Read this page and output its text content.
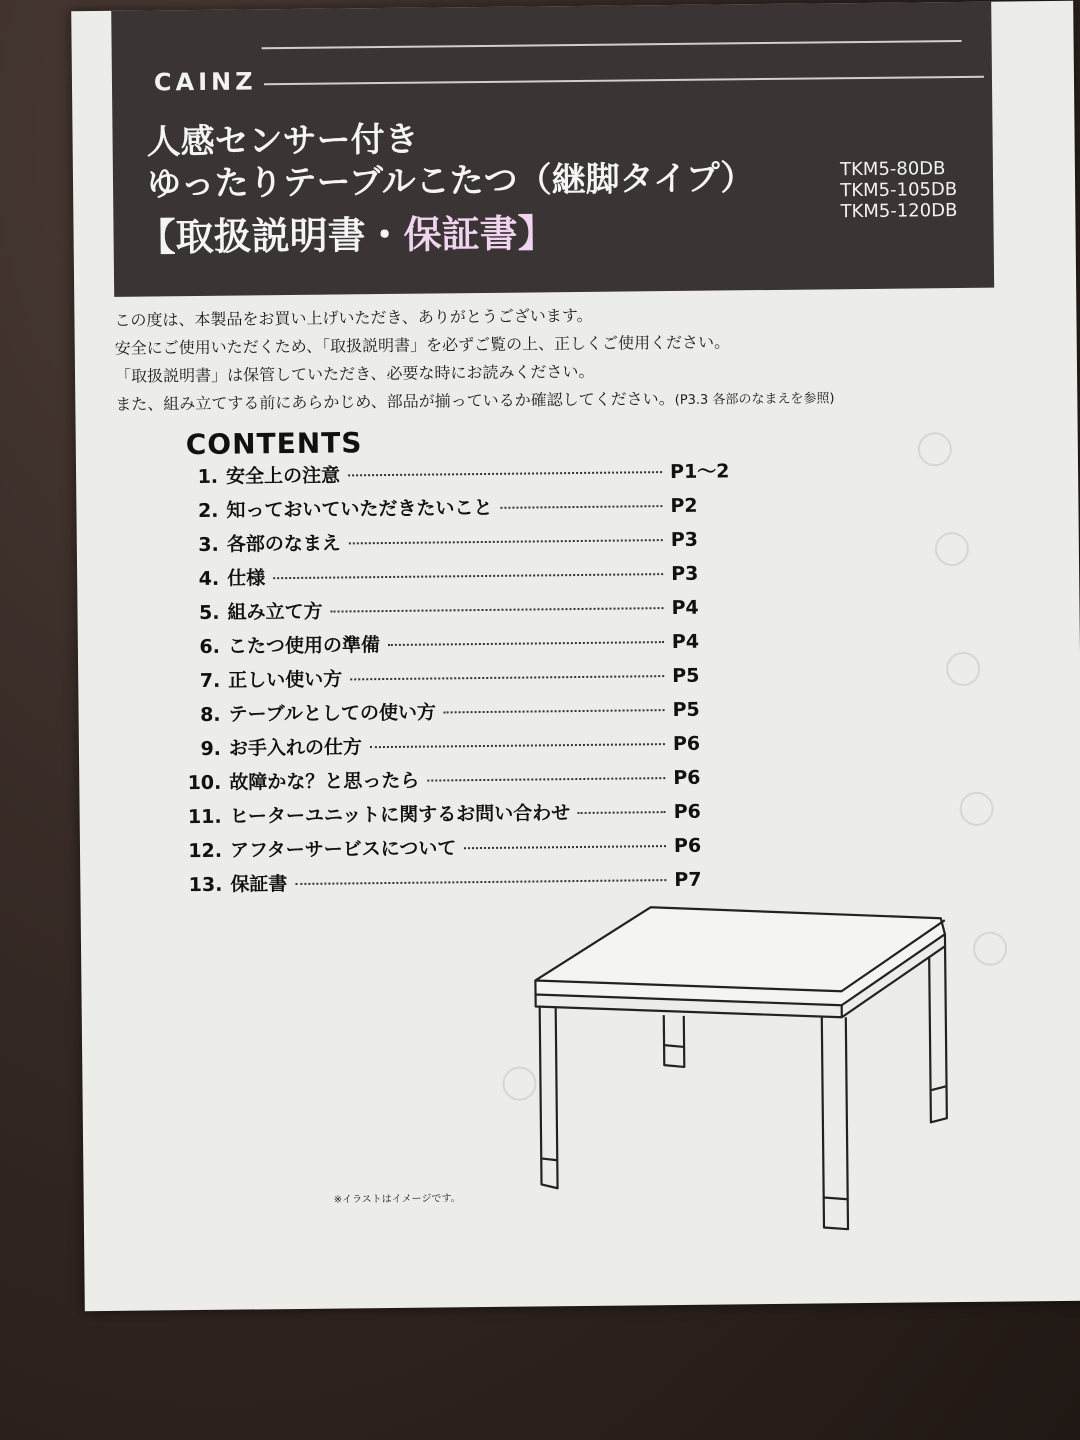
CAINZ
人感センサー付き
ゆったりテーブルこたつ（継脚タイプ）
【取扱説明書・保証書】
TKM5-80DB
TKM5-105DB
TKM5-120DB
この度は、本製品をお買い上げいただき、ありがとうございます。
安全にご使用いただくため、「取扱説明書」を必ずご覧の上、正しくご使用ください。
「取扱説明書」は保管していただき、必要な時にお読みください。
また、組み立てする前にあらかじめ、部品が揃っているか確認してください。(P3.3 各部のなまえを参照)
CONTENTS
1. 安全上の注意	P1～2
2. 知っておいていただきたいこと	P2
3. 各部のなまえ	P3
4. 仕様	P3
5. 組み立て方	P4
6. こたつ使用の準備	P4
7. 正しい使い方	P5
8. テーブルとしての使い方	P5
9. お手入れの仕方	P6
10. 故障かな？と思ったら	P6
11. ヒーターユニットに関するお問い合わせ	P6
12. アフターサービスについて	P6
13. 保証書	P7
※イラストはイメージです。
